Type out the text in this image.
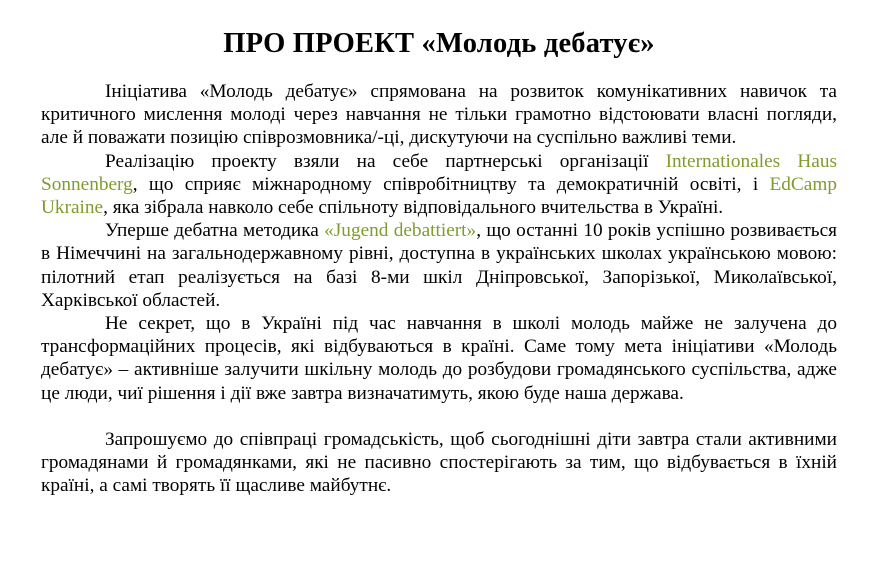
ПРО ПРОЕКТ «Молодь дебатує»

Ініціатива «Молодь дебатує» спрямована на розвиток комунікативних навичок та критичного мислення молоді через навчання не тільки грамотно відстоювати власні погляди, але й поважати позицію співрозмовника/-ці, дискутуючи на суспільно важливі теми.

Реалізацію проекту взяли на себе партнерські організації Internationales Haus Sonnenberg, що сприяє міжнародному співробітництву та демократичній освіті, і EdCamp Ukraine, яка зібрала навколо себе спільноту відповідального вчительства в Україні.

Уперше дебатна методика «Jugend debattiert», що останні 10 років успішно розвивається в Німеччині на загальнодержавному рівні, доступна в українських школах українською мовою: пілотний етап реалізується на базі 8-ми шкіл Дніпровської, Запорізької, Миколаївської, Харківської областей.

Не секрет, що в Україні під час навчання в школі молодь майже не залучена до трансформаційних процесів, які відбуваються в країні. Саме тому мета ініціативи «Молодь дебатує» – активніше залучити шкільну молодь до розбудови громадянського суспільства, адже це люди, чиї рішення і дії вже завтра визначатимуть, якою буде наша держава.

Запрошуємо до співпраці громадськість, щоб сьогоднішні діти завтра стали активними громадянами й громадянками, які не пасивно спостерігають за тим, що відбувається в їхній країні, а самі творять її щасливе майбутнє.
